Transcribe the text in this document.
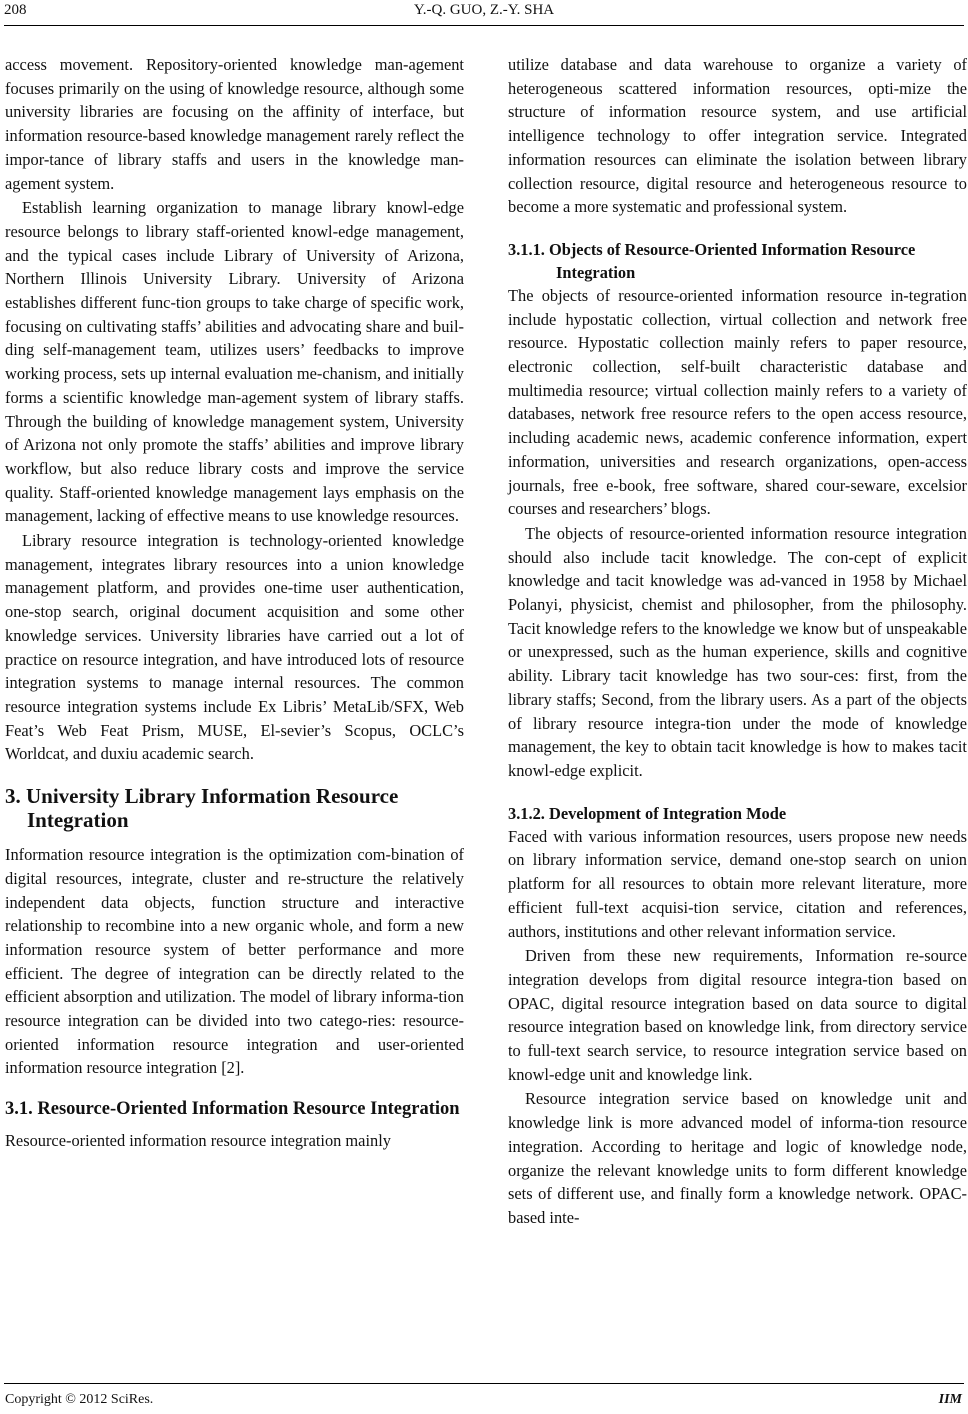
208	Y.-Q. GUO, Z.-Y. SHA

access movement. Repository-oriented knowledge man-agement focuses primarily on the using of knowledge resource, although some university libraries are focusing on the affinity of interface, but information resource-based knowledge management rarely reflect the impor-tance of library staffs and users in the knowledge man-agement system.

Establish learning organization to manage library knowl-edge resource belongs to library staff-oriented knowl-edge management, and the typical cases include Library of University of Arizona, Northern Illinois University Library. University of Arizona establishes different func-tion groups to take charge of specific work, focusing on cultivating staffs’ abilities and advocating share and buil-ding self-management team, utilizes users’ feedbacks to improve working process, sets up internal evaluation me-chanism, and initially forms a scientific knowledge man-agement system of library staffs. Through the building of knowledge management system, University of Arizona not only promote the staffs’ abilities and improve library workflow, but also reduce library costs and improve the service quality. Staff-oriented knowledge management lays emphasis on the management, lacking of effective means to use knowledge resources.

Library resource integration is technology-oriented knowledge management, integrates library resources into a union knowledge management platform, and provides one-time user authentication, one-stop search, original document acquisition and some other knowledge services. University libraries have carried out a lot of practice on resource integration, and have introduced lots of resource integration systems to manage internal resources. The common resource integration systems include Ex Libris’ MetaLib/SFX, Web Feat’s Web Feat Prism, MUSE, El-sevier’s Scopus, OCLC’s Worldcat, and duxiu academic search.

3. University Library Information Resource Integration

Information resource integration is the optimization com-bination of digital resources, integrate, cluster and re-structure the relatively independent data objects, function structure and interactive relationship to recombine into a new organic whole, and form a new information resource system of better performance and more efficient. The degree of integration can be directly related to the efficient absorption and utilization. The model of library informa-tion resource integration can be divided into two catego-ries: resource-oriented information resource integration and user-oriented information resource integration [2].

3.1. Resource-Oriented Information Resource Integration

Resource-oriented information resource integration mainly

utilize database and data warehouse to organize a variety of heterogeneous scattered information resources, opti-mize the structure of information resource system, and use artificial intelligence technology to offer integration service. Integrated information resources can eliminate the isolation between library collection resource, digital resource and heterogeneous resource to become a more systematic and professional system.

3.1.1. Objects of Resource-Oriented Information Resource Integration

The objects of resource-oriented information resource in-tegration include hypostatic collection, virtual collection and network free resource. Hypostatic collection mainly refers to paper resource, electronic collection, self-built characteristic database and multimedia resource; virtual collection mainly refers to a variety of databases, network free resource refers to the open access resource, including academic news, academic conference information, expert information, universities and research organizations, open-access journals, free e-book, free software, shared cour-seware, excelsior courses and researchers’ blogs.

The objects of resource-oriented information resource integration should also include tacit knowledge. The con-cept of explicit knowledge and tacit knowledge was ad-vanced in 1958 by Michael Polanyi, physicist, chemist and philosopher, from the philosophy. Tacit knowledge refers to the knowledge we know but of unspeakable or unexpressed, such as the human experience, skills and cognitive ability. Library tacit knowledge has two sour-ces: first, from the library staffs; Second, from the library users. As a part of the objects of library resource integra-tion under the mode of knowledge management, the key to obtain tacit knowledge is how to makes tacit knowl-edge explicit.

3.1.2. Development of Integration Mode

Faced with various information resources, users propose new needs on library information service, demand one-stop search on union platform for all resources to obtain more relevant literature, more efficient full-text acquisi-tion service, citation and references, authors, institutions and other relevant information service.

Driven from these new requirements, Information re-source integration develops from digital resource integra-tion based on OPAC, digital resource integration based on data source to digital resource integration based on knowledge link, from directory service to full-text search service, to resource integration service based on knowl-edge unit and knowledge link.

Resource integration service based on knowledge unit and knowledge link is more advanced model of informa-tion resource integration. According to heritage and logic of knowledge node, organize the relevant knowledge units to form different knowledge sets of different use, and finally form a knowledge network. OPAC-based inte-

Copyright © 2012 SciRes.	IIM
